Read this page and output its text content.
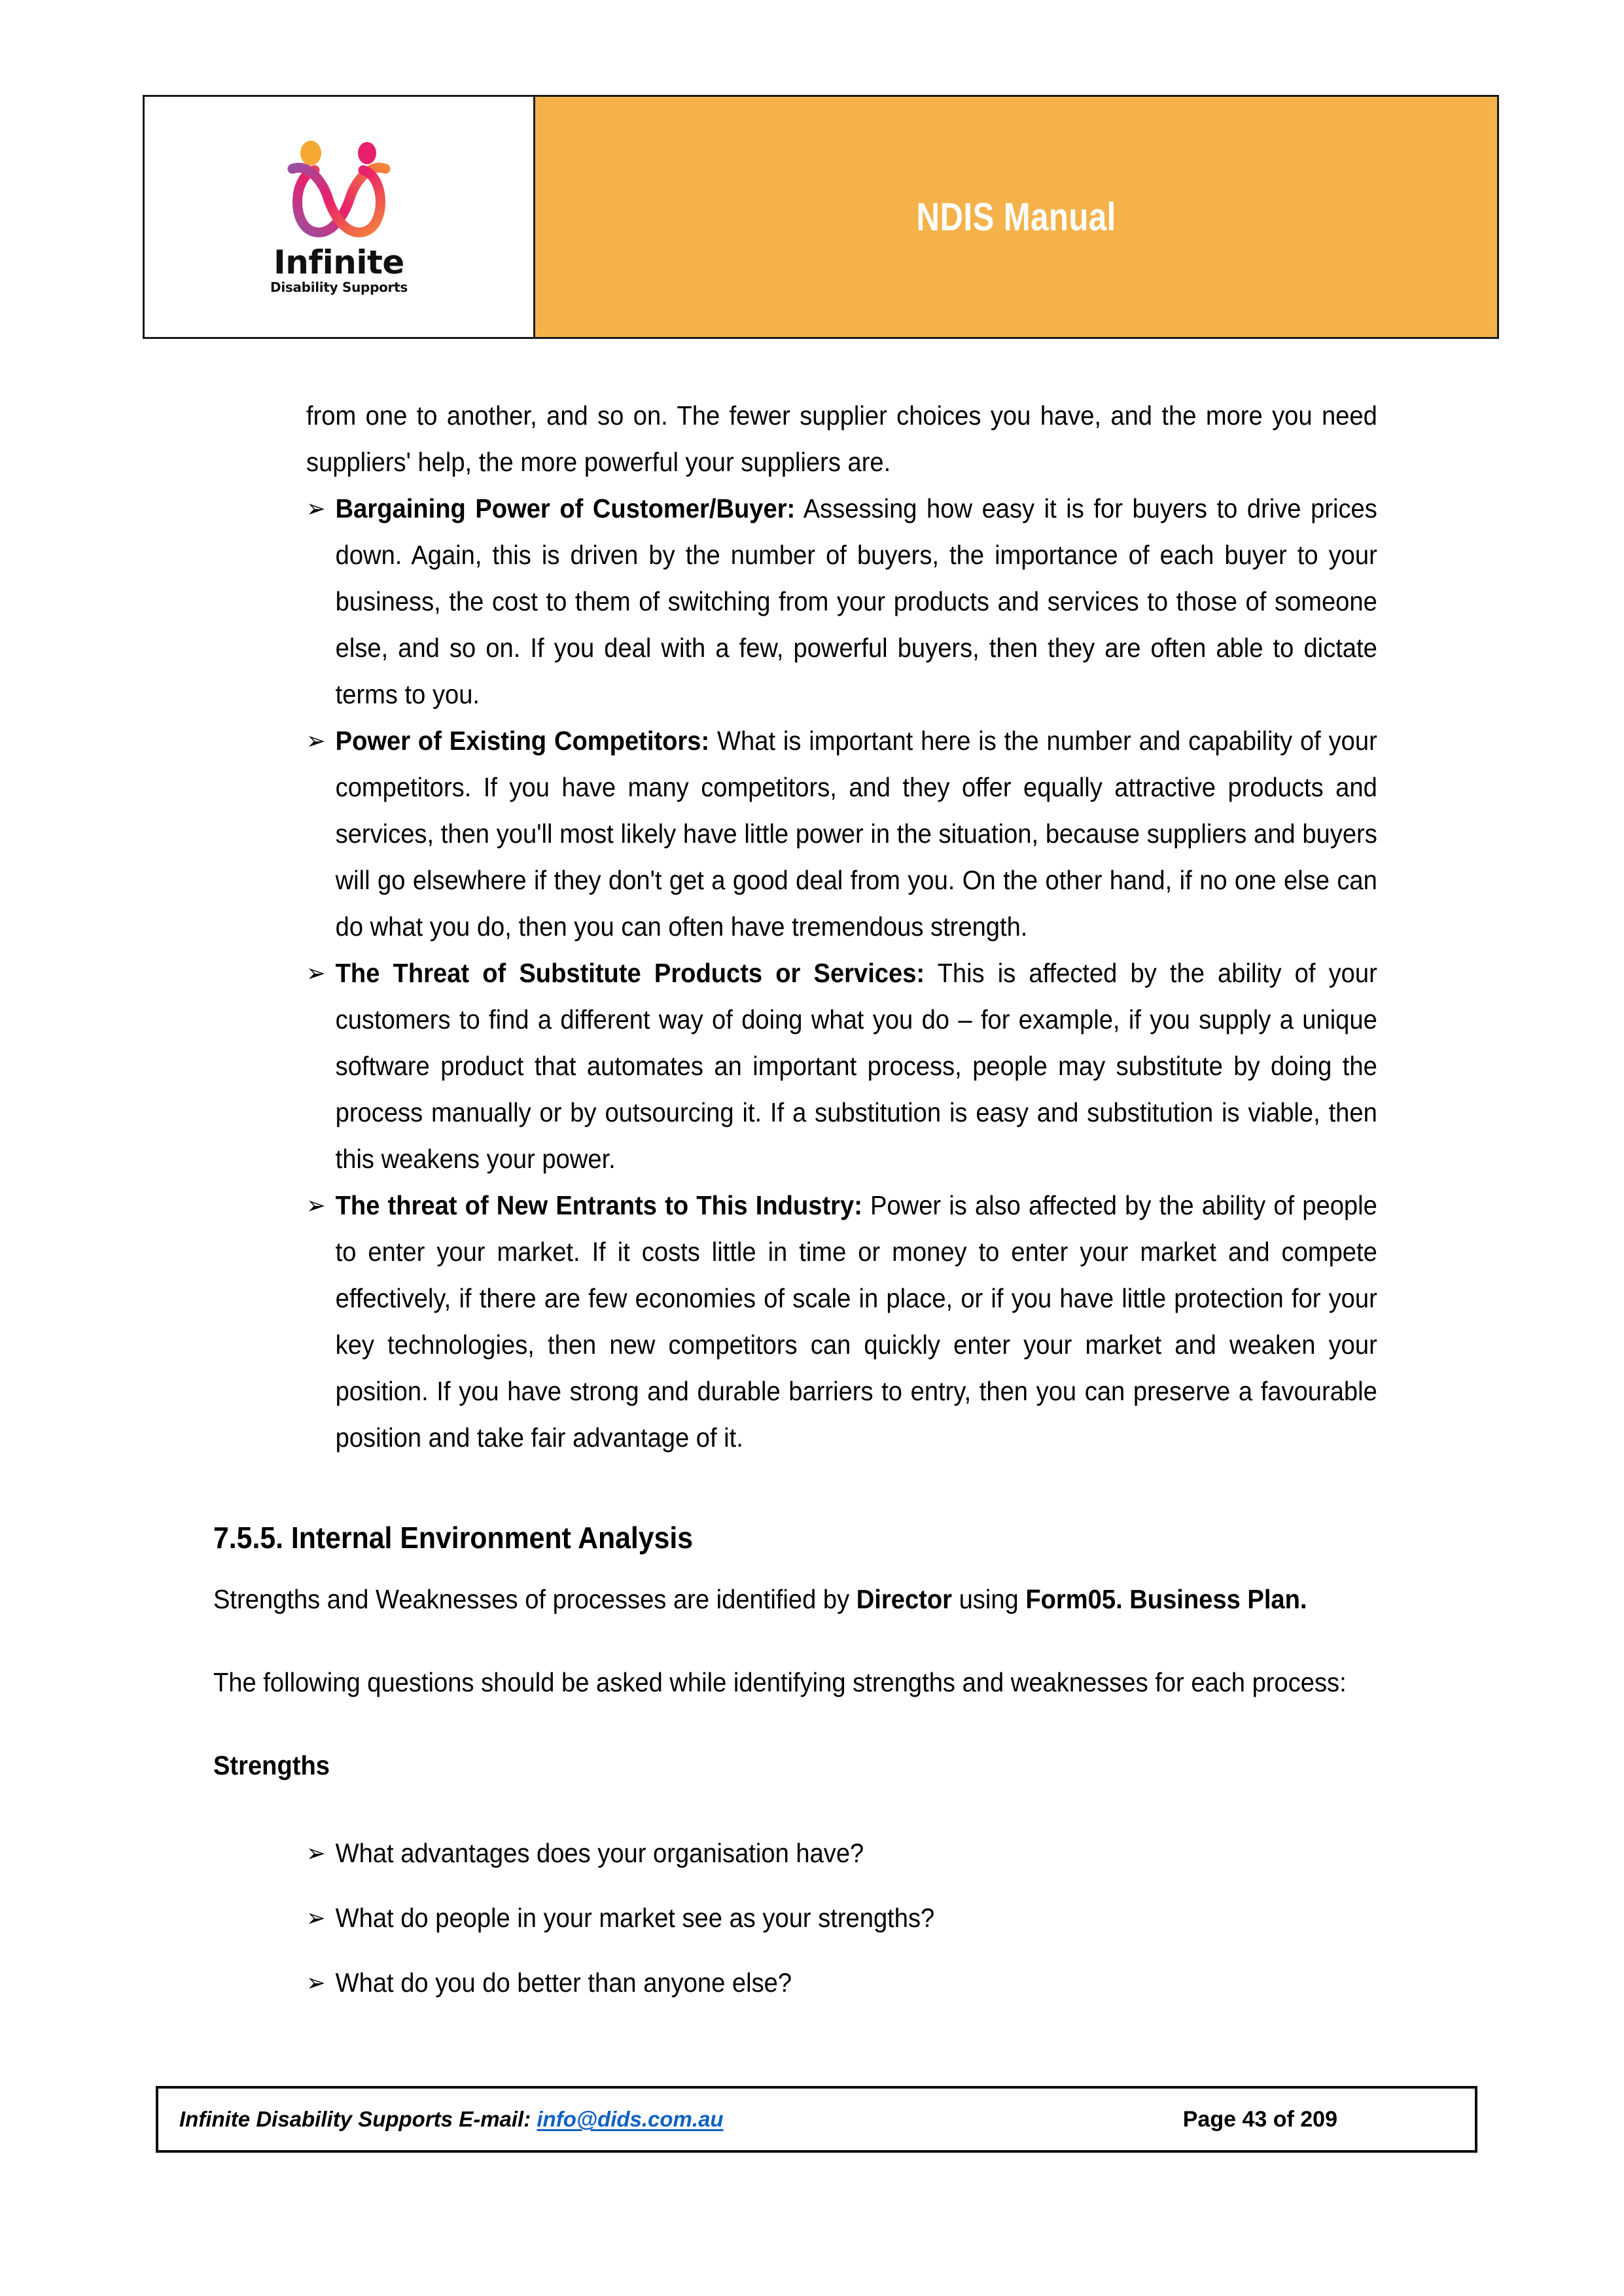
Infinite
Disability Supports
NDIS Manual

from one to another, and so on. The fewer supplier choices you have, and the more you need suppliers' help, the more powerful your suppliers are.

➢ Bargaining Power of Customer/Buyer: Assessing how easy it is for buyers to drive prices down. Again, this is driven by the number of buyers, the importance of each buyer to your business, the cost to them of switching from your products and services to those of someone else, and so on. If you deal with a few, powerful buyers, then they are often able to dictate terms to you.

➢ Power of Existing Competitors: What is important here is the number and capability of your competitors. If you have many competitors, and they offer equally attractive products and services, then you'll most likely have little power in the situation, because suppliers and buyers will go elsewhere if they don't get a good deal from you. On the other hand, if no one else can do what you do, then you can often have tremendous strength.

➢ The Threat of Substitute Products or Services: This is affected by the ability of your customers to find a different way of doing what you do – for example, if you supply a unique software product that automates an important process, people may substitute by doing the process manually or by outsourcing it. If a substitution is easy and substitution is viable, then this weakens your power.

➢ The threat of New Entrants to This Industry: Power is also affected by the ability of people to enter your market. If it costs little in time or money to enter your market and compete effectively, if there are few economies of scale in place, or if you have little protection for your key technologies, then new competitors can quickly enter your market and weaken your position. If you have strong and durable barriers to entry, then you can preserve a favourable position and take fair advantage of it.

7.5.5. Internal Environment Analysis

Strengths and Weaknesses of processes are identified by Director using Form05. Business Plan.

The following questions should be asked while identifying strengths and weaknesses for each process:

Strengths

➢ What advantages does your organisation have?

➢ What do people in your market see as your strengths?

➢ What do you do better than anyone else?

Infinite Disability Supports E-mail: info@dids.com.au	Page 43 of 209
